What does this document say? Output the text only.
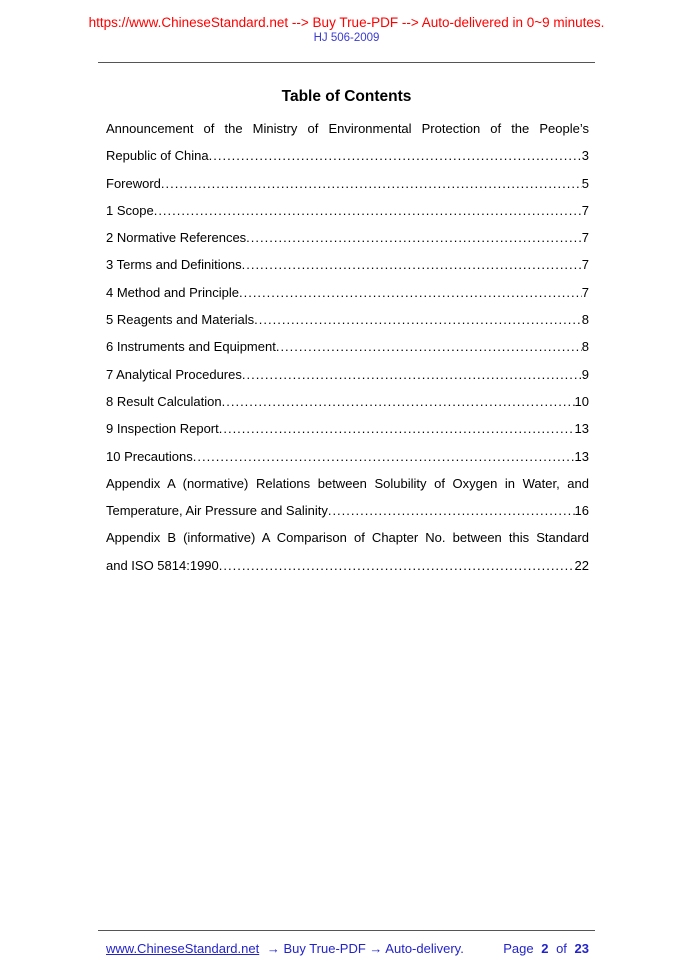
https://www.ChineseStandard.net --> Buy True-PDF --> Auto-delivered in 0~9 minutes.
HJ 506-2009
Table of Contents
Announcement of the Ministry of Environmental Protection of the People’s
Republic of China .....	3
Foreword .....	5
1 Scope .....	7
2 Normative References .....	7
3 Terms and Definitions .....	7
4 Method and Principle .....	7
5 Reagents and Materials .....	8
6 Instruments and Equipment .....	8
7 Analytical Procedures .....	9
8 Result Calculation .....	10
9 Inspection Report .....	13
10 Precautions .....	13
Appendix A (normative) Relations between Solubility of Oxygen in Water, and
Temperature, Air Pressure and Salinity .....	16
Appendix B (informative) A Comparison of Chapter No. between this Standard
and ISO 5814:1990 .....	22
www.ChineseStandard.net → Buy True-PDF → Auto-delivery.	Page 2 of 23
